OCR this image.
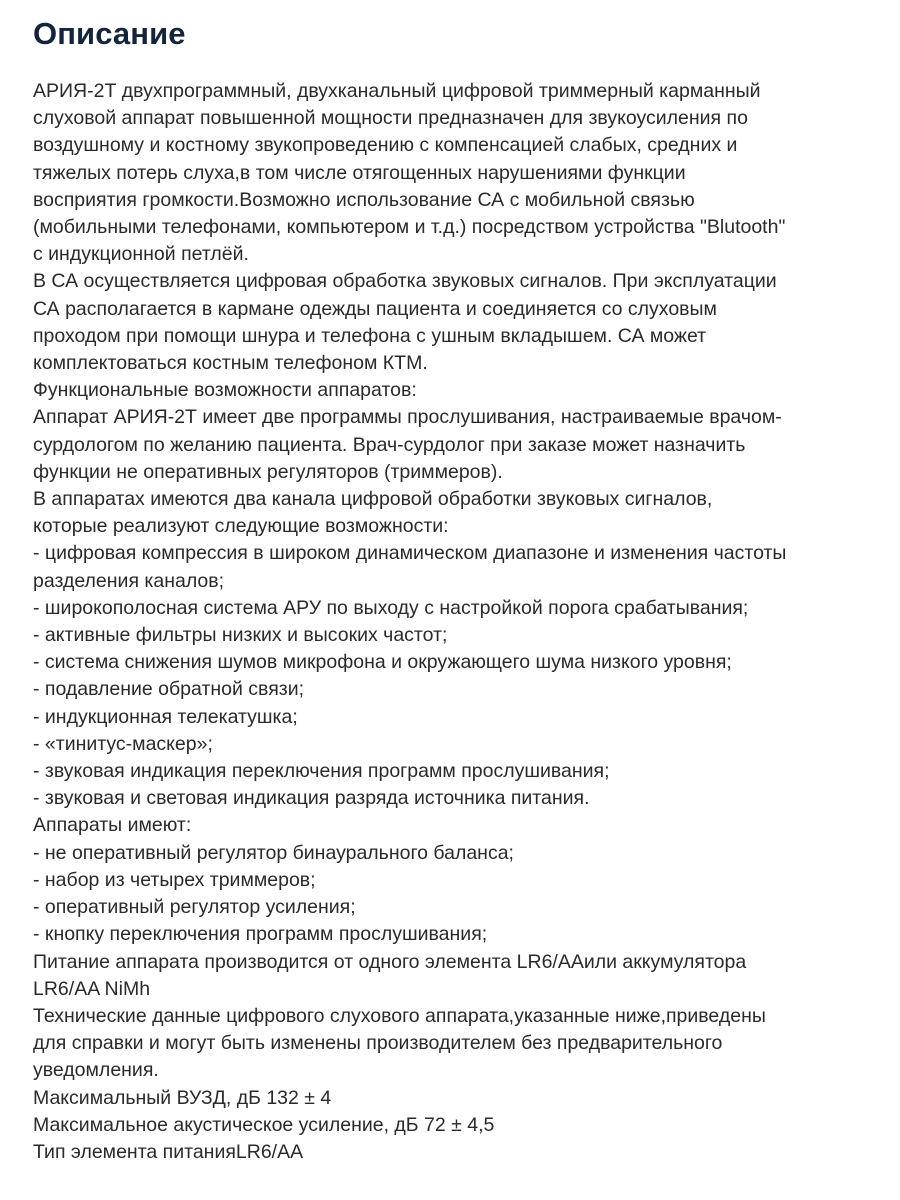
Описание
АРИЯ-2Т двухпрограммный, двухканальный цифровой триммерный карманный
слуховой аппарат повышенной мощности предназначен для звукоусиления по
воздушному и костному звукопроведению с компенсацией слабых, средних и
тяжелых потерь слуха,в том числе отягощенных нарушениями функции
восприятия громкости.Возможно использование СА с мобильной связью
(мобильными телефонами, компьютером и т.д.) посредством устройства "Blutooth"
с индукционной петлёй.
В СА осуществляется цифровая обработка звуковых сигналов. При эксплуатации
СА располагается в кармане одежды пациента и соединяется со слуховым
проходом при помощи шнура и телефона с ушным вкладышем. СА может
комплектоваться костным телефоном КТМ.
Функциональные возможности аппаратов:
Аппарат АРИЯ-2Т имеет две программы прослушивания, настраиваемые врачом-
сурдологом по желанию пациента. Врач-сурдолог при заказе может назначить
функции не оперативных регуляторов (триммеров).
В аппаратах имеются два канала цифровой обработки звуковых сигналов,
которые реализуют следующие возможности:
- цифровая компрессия в широком динамическом диапазоне и изменения частоты
разделения каналов;
- широкополосная система АРУ по выходу с настройкой порога срабатывания;
- активные фильтры низких и высоких частот;
- система снижения шумов микрофона и окружающего шума низкого уровня;
- подавление обратной связи;
- индукционная телекатушка;
- «тинитус-маскер»;
- звуковая индикация переключения программ прослушивания;
- звуковая и световая индикация разряда источника питания.
Аппараты имеют:
- не оперативный регулятор бинаурального баланса;
- набор из четырех триммеров;
- оперативный регулятор усиления;
- кнопку переключения программ прослушивания;
Питание аппарата производится от одного элемента LR6/AAили аккумулятора
LR6/AA NiMh
Технические данные цифрового слухового аппарата,указанные ниже,приведены
для справки и могут быть изменены производителем без предварительного
уведомления.
Максимальный ВУЗД, дБ 132 ± 4
Максимальное акустическое усиление, дБ 72 ± 4,5
Тип элемента питанияLR6/AA
